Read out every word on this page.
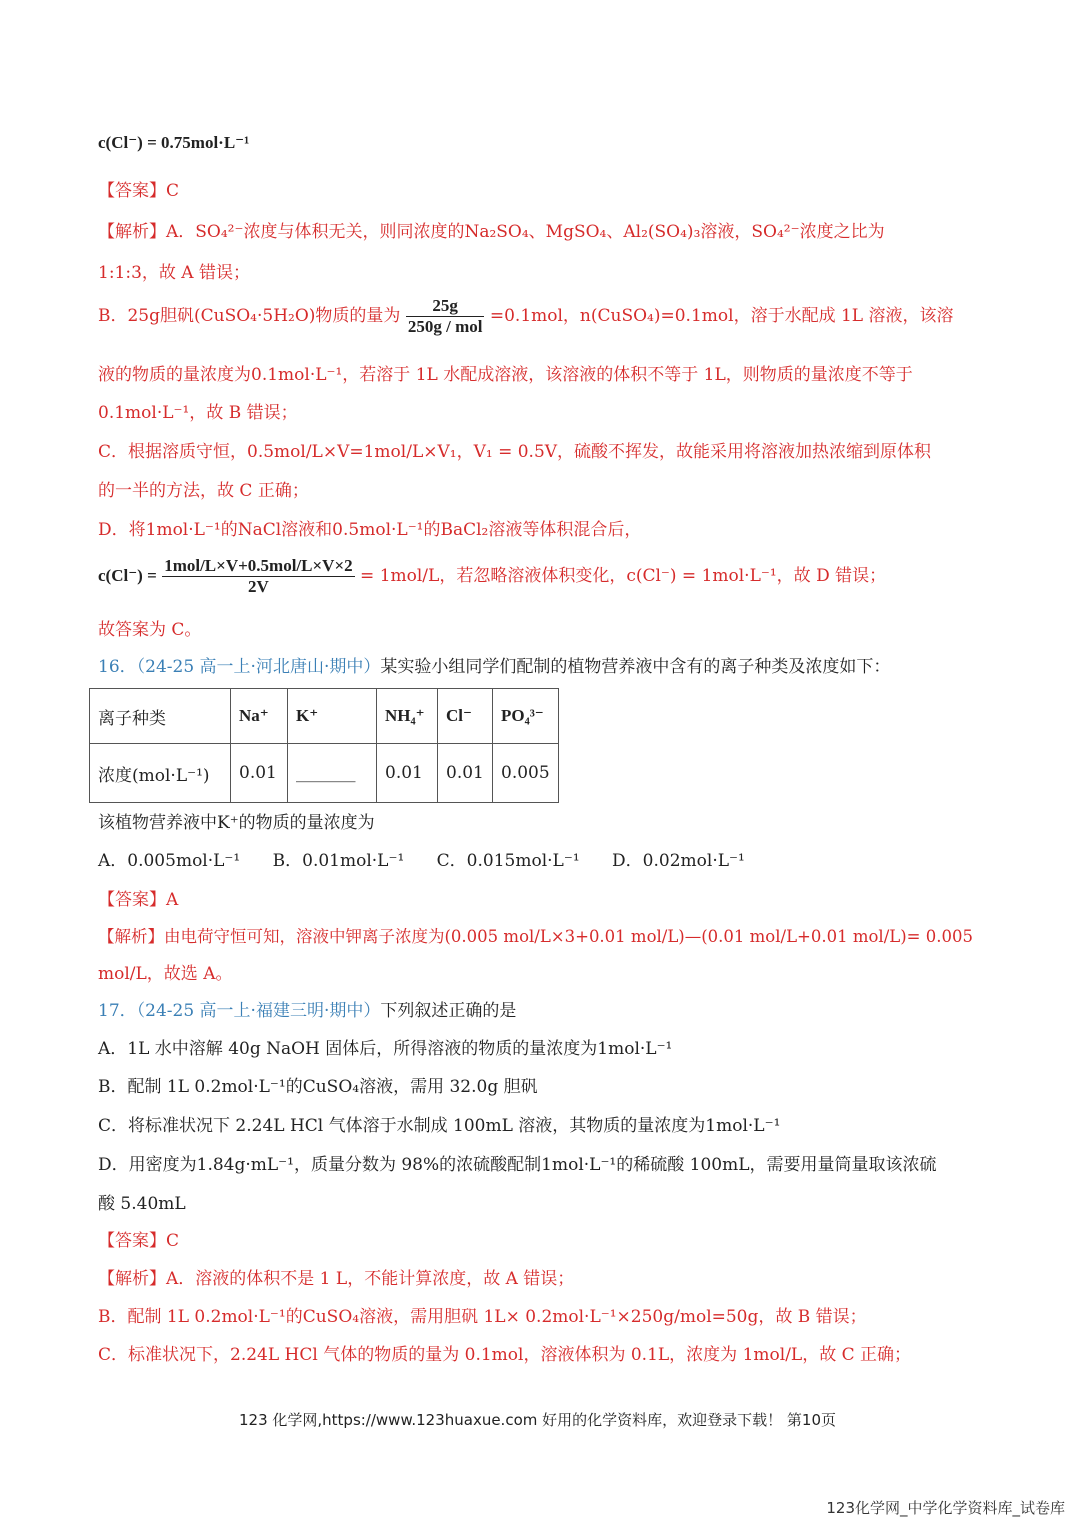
c(Cl⁻) = 0.75mol·L⁻¹
【答案】C
【解析】A．SO₄²⁻浓度与体积无关，则同浓度的Na₂SO₄、MgSO₄、Al₂(SO₄)₃溶液，SO₄²⁻浓度之比为
1:1:3，故 A 错误；
B．25g胆矾(CuSO₄·5H₂O)物质的量为 $\frac{25g}{\text{250g / mol}} =0.1mol$，n(CuSO₄)=0.1mol，溶于水配成 1L 溶液，该溶
液的物质的量浓度为0.1mol·L⁻¹，若溶于 1L 水配成溶液，该溶液的体积不等于 1L，则物质的量浓度不等于
0.1mol·L⁻¹，故 B 错误；
C．根据溶质守恒，0.5mol/L×V=1mol/L×V₁，V₁ = 0.5V，硫酸不挥发，故能采用将溶液加热浓缩到原体积
的一半的方法，故 C 正确；
D．将1mol·L⁻¹的NaCl溶液和0.5mol·L⁻¹的BaCl₂溶液等体积混合后，
$c(Cl^-) = \frac{\text{1mol/L×V+0.5mol/L×V×2}}{2V} = 1mol/L$，若忽略溶液体积变化，c(Cl⁻) = 1mol·L⁻¹，故 D 错误；
故答案为 C。
16．（24-25 高一上·河北唐山·期中）某实验小组同学们配制的植物营养液中含有的离子种类及浓度如下：
离子种类	Na⁺	K⁺	NH₄⁺	Cl⁻	PO₄³⁻
浓度(mol·L⁻¹)	0.01	_______	0.01	0.01	0.005
该植物营养液中K⁺的物质的量浓度为
A．0.005mol·L⁻¹      B．0.01mol·L⁻¹      C．0.015mol·L⁻¹      D．0.02mol·L⁻¹
【答案】A
【解析】由电荷守恒可知，溶液中钾离子浓度为(0.005 mol/L×3+0.01 mol/L)—(0.01 mol/L+0.01 mol/L)= 0.005
mol/L，故选 A。
17．（24-25 高一上·福建三明·期中）下列叙述正确的是
A．1L 水中溶解 40g NaOH 固体后，所得溶液的物质的量浓度为1mol·L⁻¹
B．配制 1L 0.2mol·L⁻¹的CuSO₄溶液，需用 32.0g 胆矾
C．将标准状况下 2.24L HCl 气体溶于水制成 100mL 溶液，其物质的量浓度为1mol·L⁻¹
D．用密度为1.84g·mL⁻¹，质量分数为 98%的浓硫酸配制1mol·L⁻¹的稀硫酸 100mL，需要用量筒量取该浓硫
酸 5.40mL
【答案】C
【解析】A．溶液的体积不是 1 L，不能计算浓度，故 A 错误；
B．配制 1L 0.2mol·L⁻¹的CuSO₄溶液，需用胆矾 1L× 0.2mol·L⁻¹×250g/mol=50g，故 B 错误；
C．标准状况下，2.24L HCl 气体的物质的量为 0.1mol，溶液体积为 0.1L，浓度为 1mol/L，故 C 正确；
123 化学网,https://www.123huaxue.com 好用的化学资料库，欢迎登录下载！ 第10页
123化学网_中学化学资料库_试卷库
